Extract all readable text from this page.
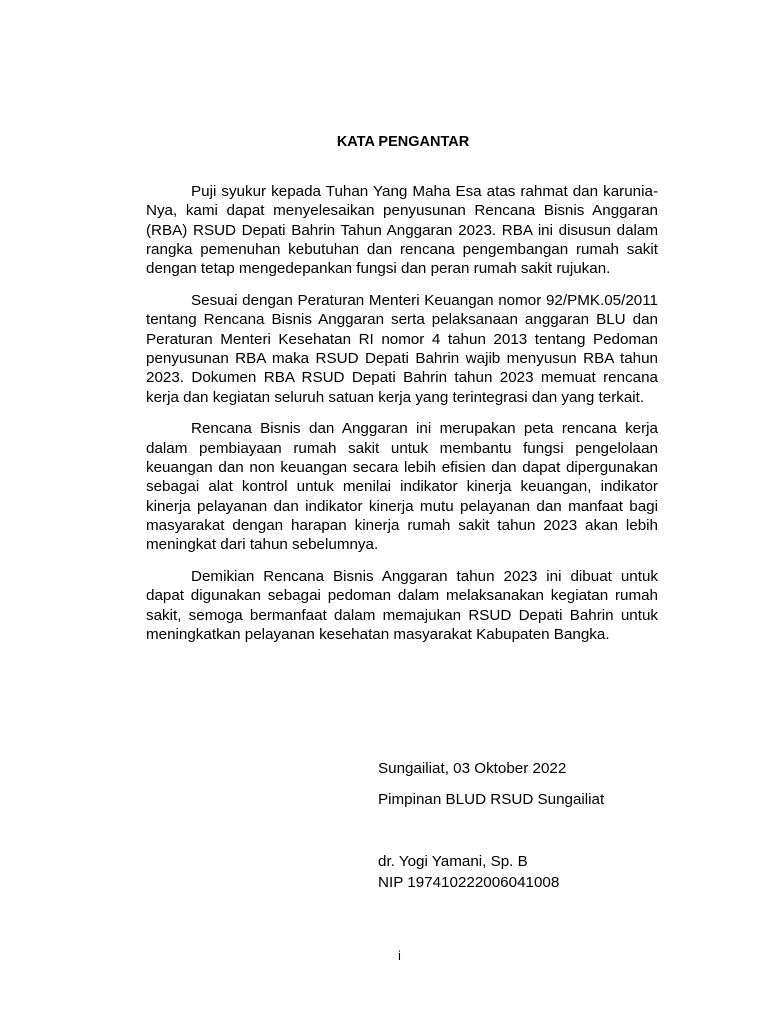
KATA PENGANTAR

Puji syukur kepada Tuhan Yang Maha Esa atas rahmat dan karunia-Nya, kami dapat menyelesaikan penyusunan Rencana Bisnis Anggaran (RBA) RSUD Depati Bahrin Tahun Anggaran 2023. RBA ini disusun dalam rangka pemenuhan kebutuhan dan rencana pengembangan rumah sakit dengan tetap mengedepankan fungsi dan peran rumah sakit rujukan.

Sesuai dengan Peraturan Menteri Keuangan nomor 92/PMK.05/2011 tentang Rencana Bisnis Anggaran serta pelaksanaan anggaran BLU dan Peraturan Menteri Kesehatan RI nomor 4 tahun 2013 tentang Pedoman penyusunan RBA maka RSUD Depati Bahrin wajib menyusun RBA tahun 2023. Dokumen RBA RSUD Depati Bahrin tahun 2023 memuat rencana kerja dan kegiatan seluruh satuan kerja yang terintegrasi dan yang terkait.

Rencana Bisnis dan Anggaran ini merupakan peta rencana kerja dalam pembiayaan rumah sakit untuk membantu fungsi pengelolaan keuangan dan non keuangan secara lebih efisien dan dapat dipergunakan sebagai alat kontrol untuk menilai indikator kinerja keuangan, indikator kinerja pelayanan dan indikator kinerja mutu pelayanan dan manfaat bagi masyarakat dengan harapan kinerja rumah sakit tahun 2023 akan lebih meningkat dari tahun sebelumnya.

Demikian Rencana Bisnis Anggaran tahun 2023 ini dibuat untuk dapat digunakan sebagai pedoman dalam melaksanakan kegiatan rumah sakit, semoga bermanfaat dalam memajukan RSUD Depati Bahrin untuk meningkatkan pelayanan kesehatan masyarakat Kabupaten Bangka.

Sungailiat, 03 Oktober 2022
Pimpinan BLUD RSUD Sungailiat
dr. Yogi Yamani, Sp. B
NIP 197410222006041008
i
